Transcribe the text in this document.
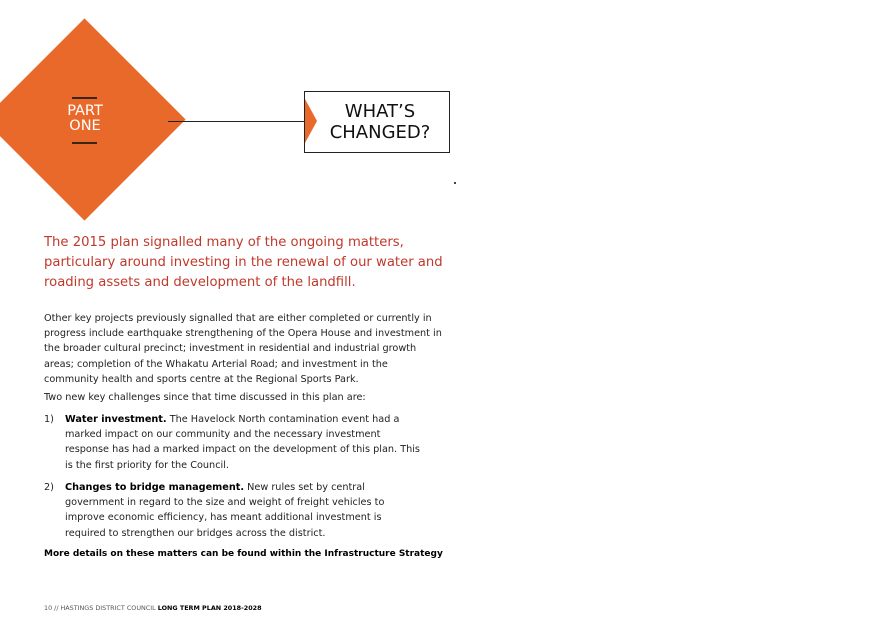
PART
ONE
WHAT’S
CHANGED?

The 2015 plan signalled many of the ongoing matters, particulary around investing in the renewal of our water and roading assets and development of the landfill.

Other key projects previously signalled that are either completed or currently in progress include earthquake strengthening of the Opera House and investment in the broader cultural precinct; investment in residential and industrial growth areas; completion of the Whakatu Arterial Road; and investment in the community health and sports centre at the Regional Sports Park.

Two new key challenges since that time discussed in this plan are:

1) Water investment. The Havelock North contamination event had a marked impact on our community and the necessary investment response has had a marked impact on the development of this plan. This is the first priority for the Council.
2) Changes to bridge management. New rules set by central government in regard to the size and weight of freight vehicles to improve economic efficiency, has meant additional investment is required to strengthen our bridges across the district.
More details on these matters can be found within the Infrastructure Strategy
10 // HASTINGS DISTRICT COUNCIL LONG TERM PLAN 2018-2028
